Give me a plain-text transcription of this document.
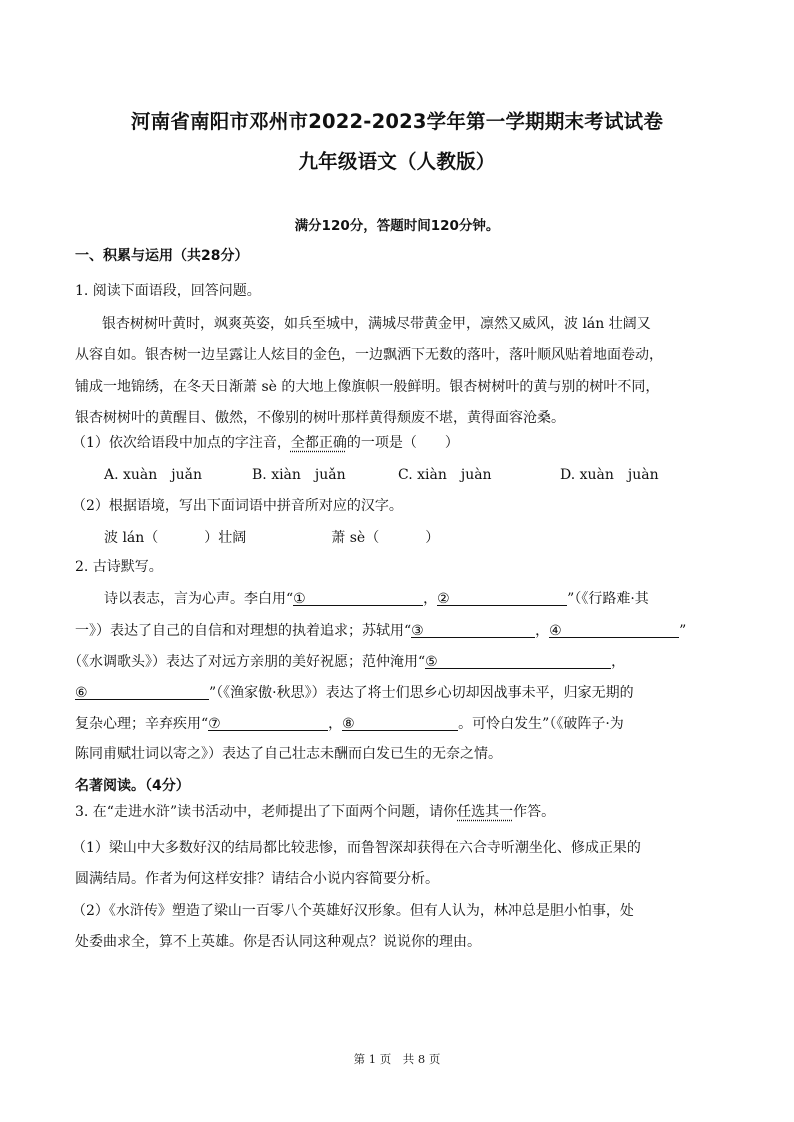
河南省南阳市邓州市2022-2023学年第一学期期末考试试卷
九年级语文（人教版）
满分120分，答题时间120分钟。
一、积累与运用（共28分）
1. 阅读下面语段，回答问题。
银杏树树叶黄时，飒爽英姿，如兵至城中，满城尽带黄金甲，凛然又威风，波 lán 壮阔又
从容自如。银杏树一边呈露让人炫目的金色，一边飘洒下无数的落叶，落叶顺风贴着地面卷动，
铺成一地锦绣，在冬天日渐萧 sè 的大地上像旗帜一般鲜明。银杏树树叶的黄与别的树叶不同，
银杏树树叶的黄醒目、傲然，不像别的树叶那样黄得颓废不堪，黄得面容沧桑。
（1）依次给语段中加点的字注音，全都正确的一项是（　　）
A. xuàn　juǎn	B. xiàn　juǎn	C. xiàn　juàn	D. xuàn　juàn
（2）根据语境，写出下面词语中拼音所对应的汉字。
波 lán（	）壮阔	萧 sè（	）
2. 古诗默写。
诗以表志，言为心声。李白用“①	，②	”（《行路难·其
一》）表达了自己的自信和对理想的执着追求；苏轼用“③	，④	”
（《水调歌头》）表达了对远方亲朋的美好祝愿；范仲淹用“⑤	，
⑥	”（《渔家傲·秋思》）表达了将士们思乡心切却因战事未平，归家无期的
复杂心理；辛弃疾用“⑦	，⑧	。可怜白发生”（《破阵子·为
陈同甫赋壮词以寄之》）表达了自己壮志未酬而白发已生的无奈之情。
名著阅读。（4分）
3. 在“走进水浒”读书活动中，老师提出了下面两个问题，请你任选其一作答。
（1）梁山中大多数好汉的结局都比较悲惨，而鲁智深却获得在六合寺听潮坐化、修成正果的
圆满结局。作者为何这样安排？请结合小说内容简要分析。
（2）《水浒传》塑造了梁山一百零八个英雄好汉形象。但有人认为，林冲总是胆小怕事，处
处委曲求全，算不上英雄。你是否认同这种观点？说说你的理由。
第 1 页　共 8 页
